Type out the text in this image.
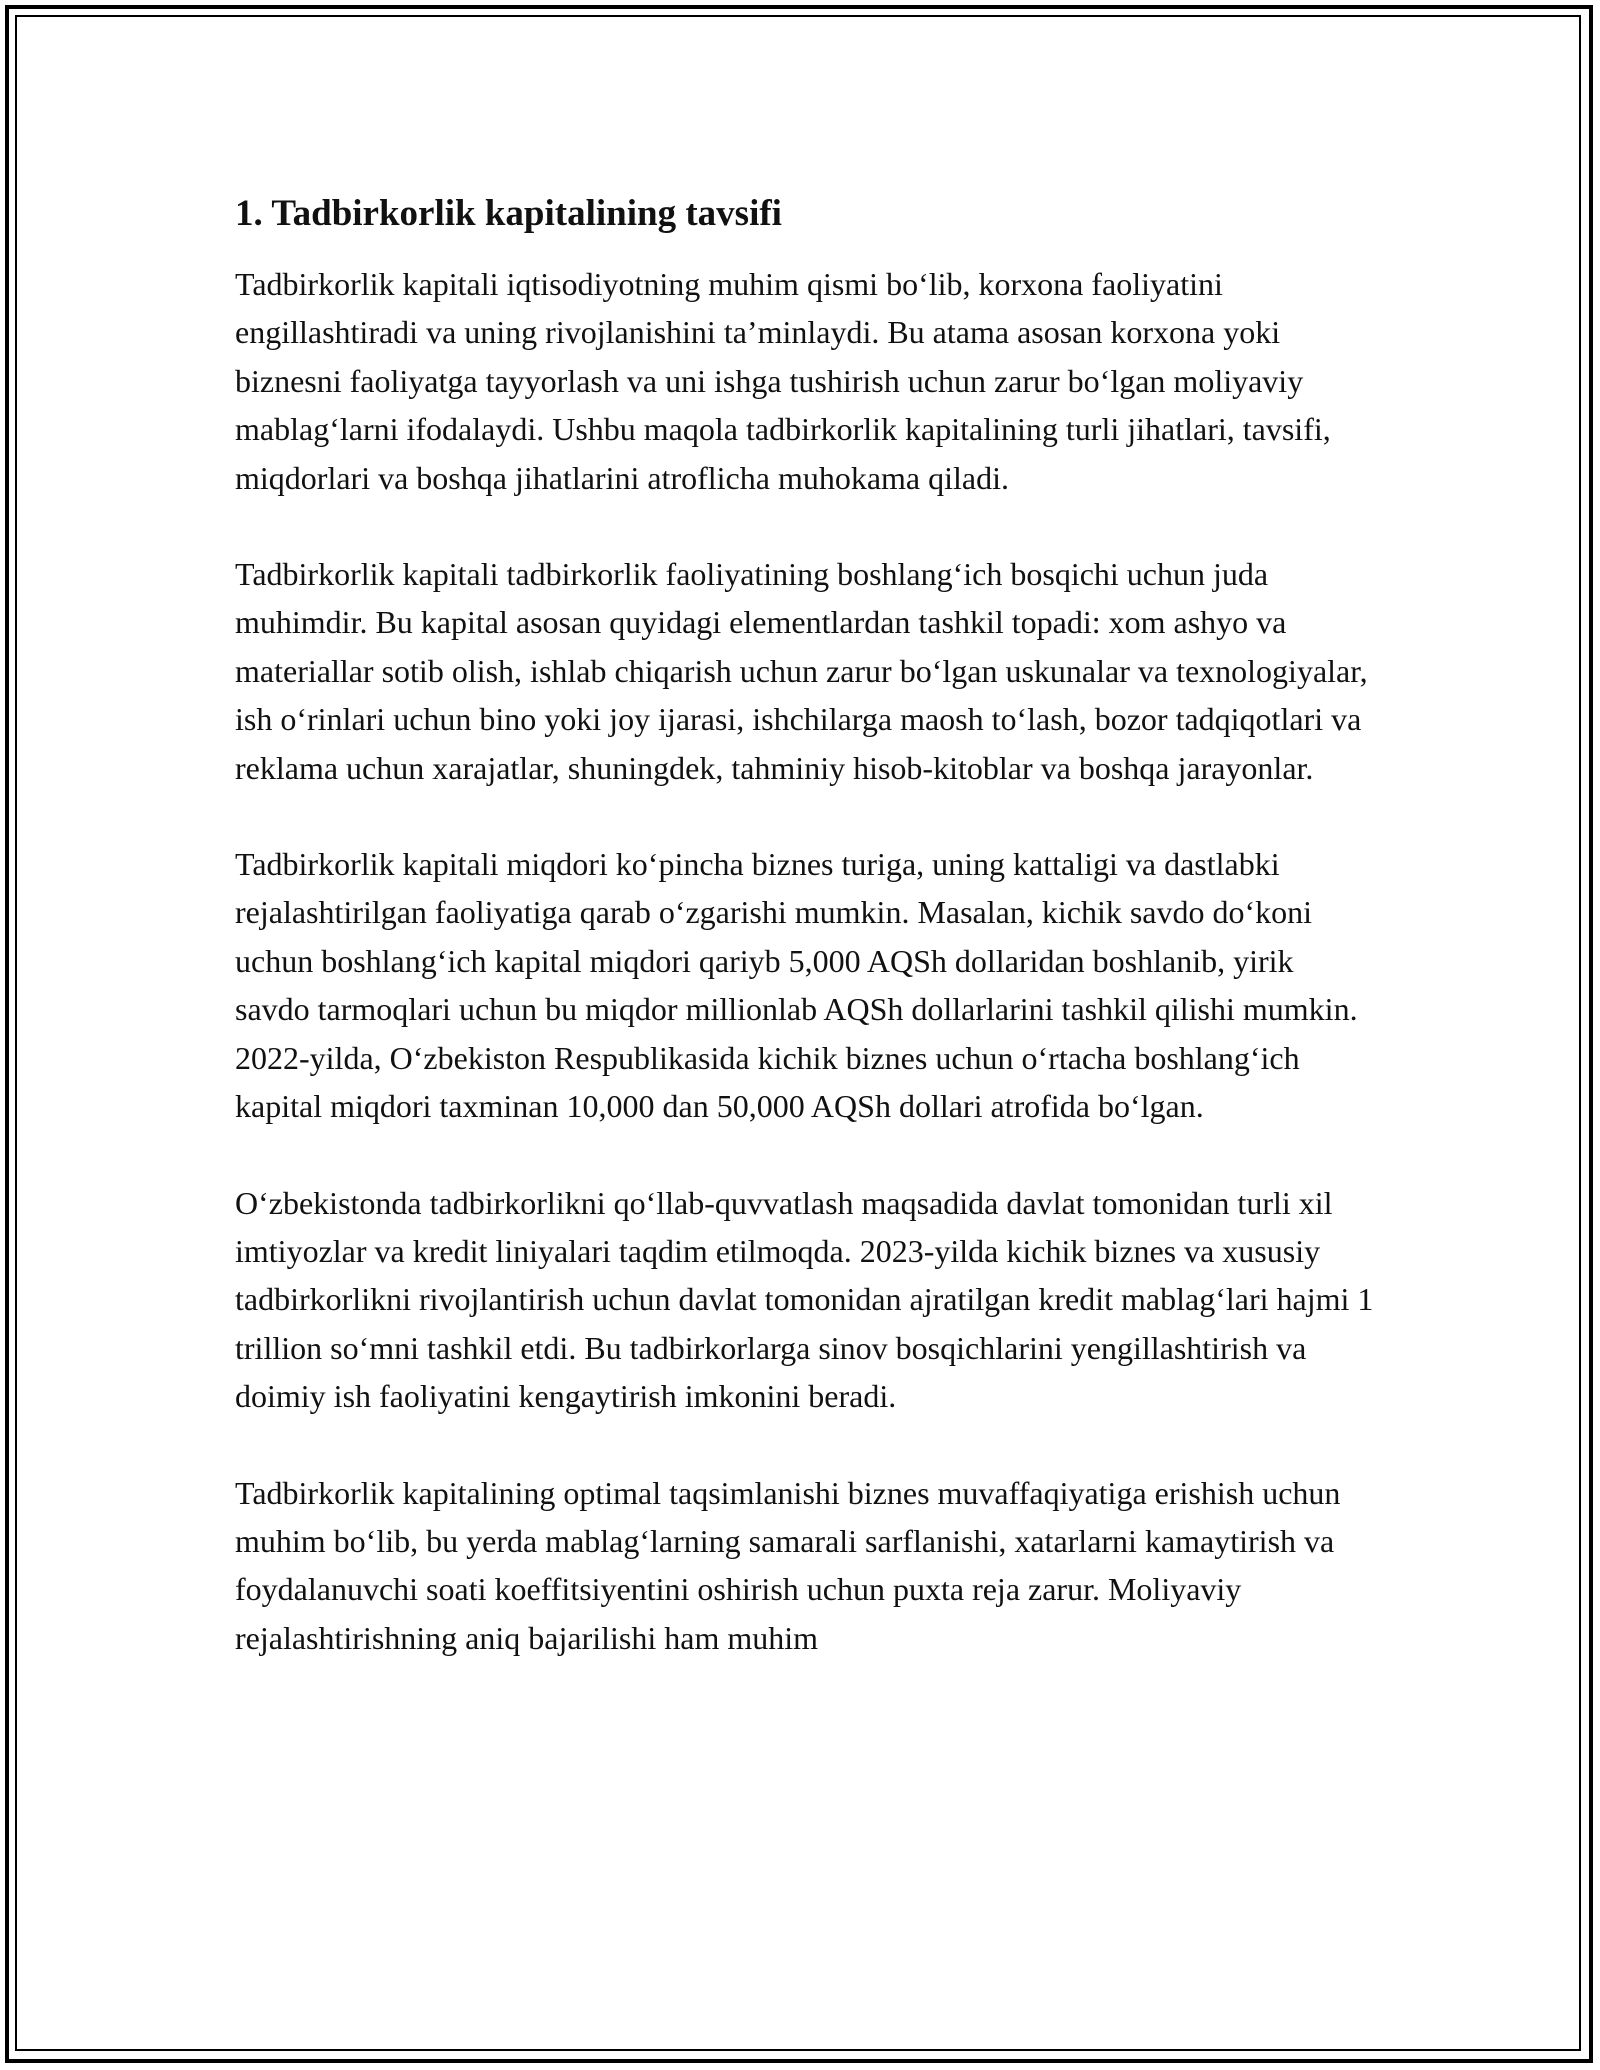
1. Tadbirkorlik kapitalining tavsifi

Tadbirkorlik kapitali iqtisodiyotning muhim qismi bo‘lib, korxona faoliyatini engillashtiradi va uning rivojlanishini ta’minlaydi. Bu atama asosan korxona yoki biznesni faoliyatga tayyorlash va uni ishga tushirish uchun zarur bo‘lgan moliyaviy mablag‘larni ifodalaydi. Ushbu maqola tadbirkorlik kapitalining turli jihatlari, tavsifi, miqdorlari va boshqa jihatlarini atroflicha muhokama qiladi.

Tadbirkorlik kapitali tadbirkorlik faoliyatining boshlang‘ich bosqichi uchun juda muhimdir. Bu kapital asosan quyidagi elementlardan tashkil topadi: xom ashyo va materiallar sotib olish, ishlab chiqarish uchun zarur bo‘lgan uskunalar va texnologiyalar, ish o‘rinlari uchun bino yoki joy ijarasi, ishchilarga maosh to‘lash, bozor tadqiqotlari va reklama uchun xarajatlar, shuningdek, tahminiy hisob-kitoblar va boshqa jarayonlar.

Tadbirkorlik kapitali miqdori ko‘pincha biznes turiga, uning kattaligi va dastlabki rejalashtirilgan faoliyatiga qarab o‘zgarishi mumkin. Masalan, kichik savdo do‘koni uchun boshlang‘ich kapital miqdori qariyb 5,000 AQSh dollaridan boshlanib, yirik savdo tarmoqlari uchun bu miqdor millionlab AQSh dollarlarini tashkil qilishi mumkin. 2022-yilda, O‘zbekiston Respublikasida kichik biznes uchun o‘rtacha boshlang‘ich kapital miqdori taxminan 10,000 dan 50,000 AQSh dollari atrofida bo‘lgan.

O‘zbekistonda tadbirkorlikni qo‘llab-quvvatlash maqsadida davlat tomonidan turli xil imtiyozlar va kredit liniyalari taqdim etilmoqda. 2023-yilda kichik biznes va xususiy tadbirkorlikni rivojlantirish uchun davlat tomonidan ajratilgan kredit mablag‘lari hajmi 1 trillion so‘mni tashkil etdi. Bu tadbirkorlarga sinov bosqichlarini yengillashtirish va doimiy ish faoliyatini kengaytirish imkonini beradi.

Tadbirkorlik kapitalining optimal taqsimlanishi biznes muvaffaqiyatiga erishish uchun muhim bo‘lib, bu yerda mablag‘larning samarali sarflanishi, xatarlarni kamaytirish va foydalanuvchi soati koeffitsiyentini oshirish uchun puxta reja zarur. Moliyaviy rejalashtirishning aniq bajarilishi ham muhim
